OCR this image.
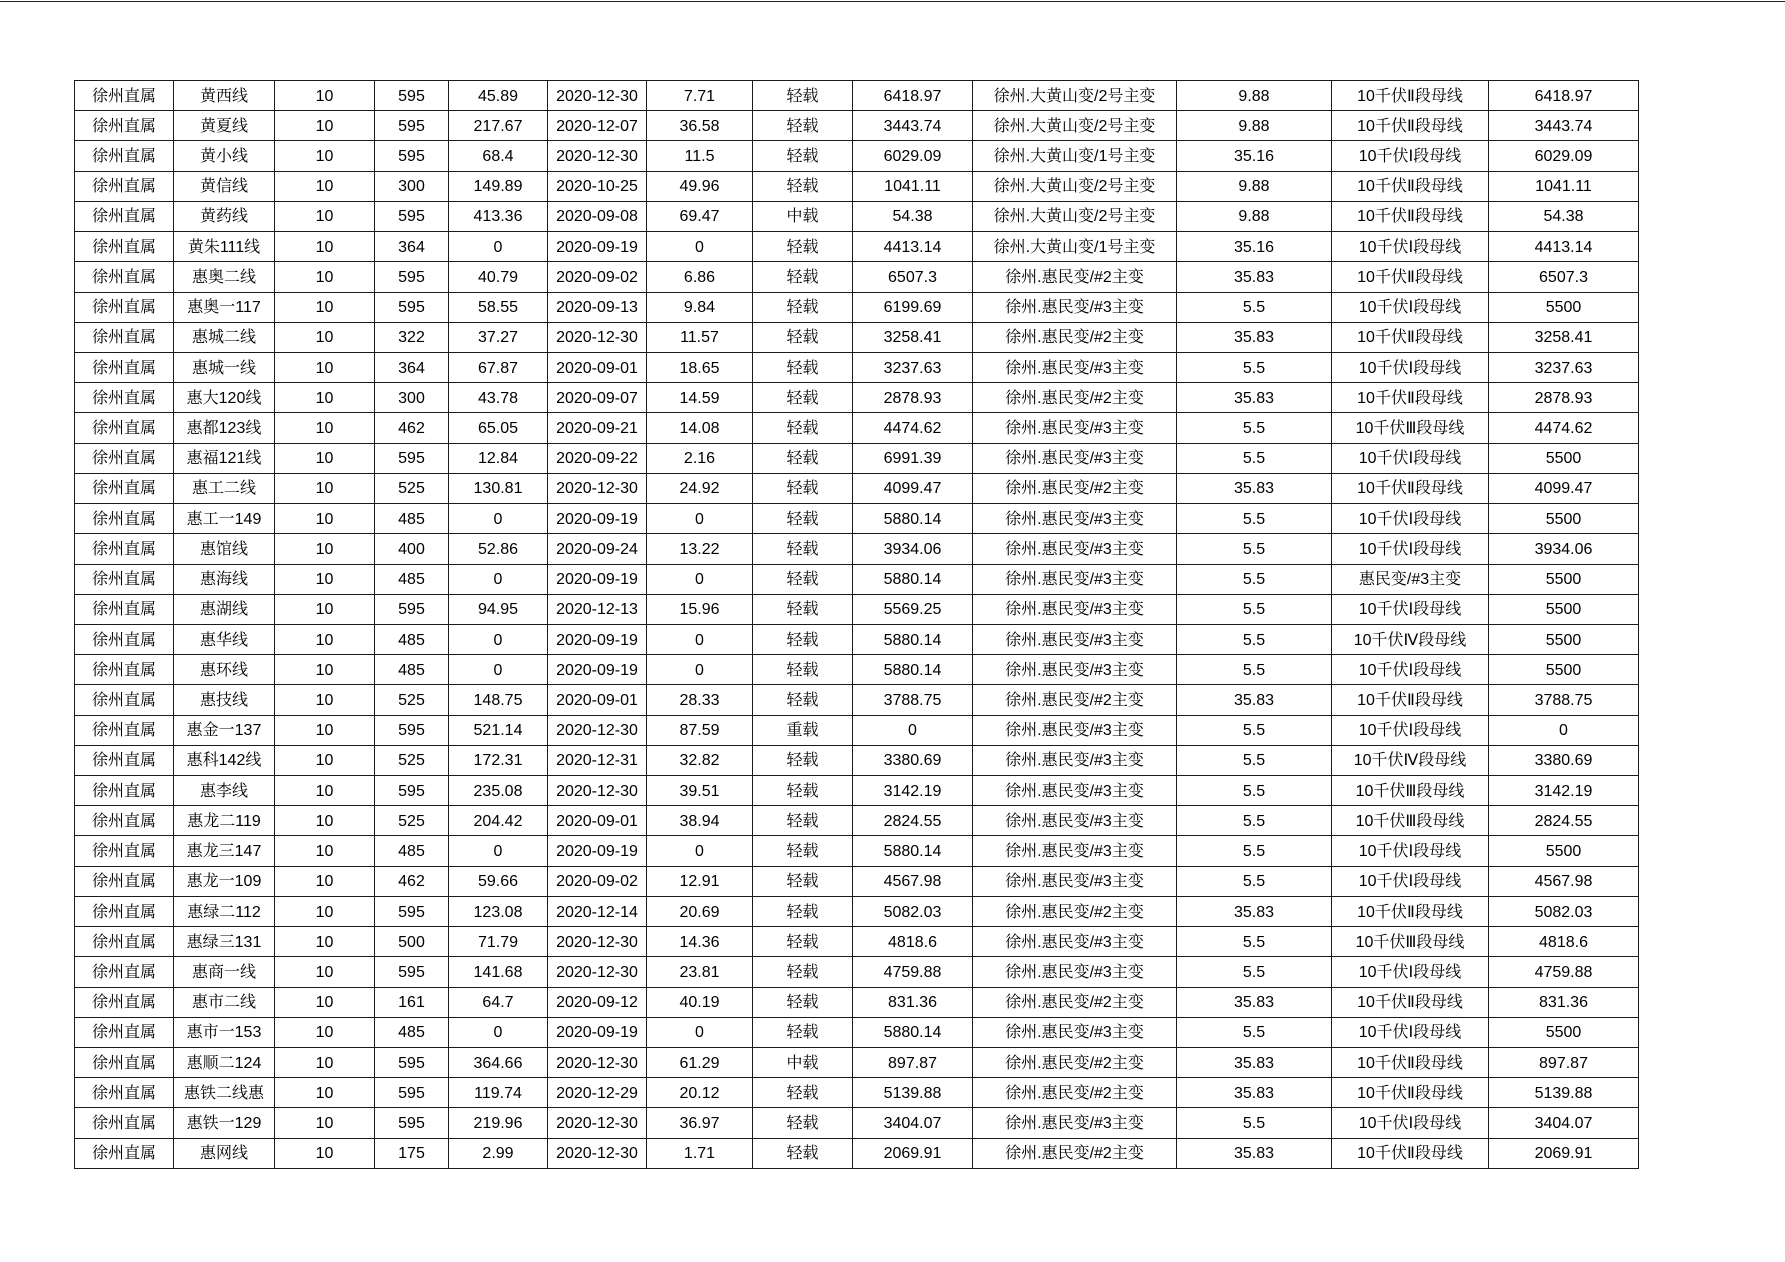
徐州直属	黄西线	10	595	45.89	2020-12-30	7.71	轻载	6418.97	徐州.大黄山变/2号主变	9.88	10千伏Ⅱ段母线	6418.97
徐州直属	黄夏线	10	595	217.67	2020-12-07	36.58	轻载	3443.74	徐州.大黄山变/2号主变	9.88	10千伏Ⅱ段母线	3443.74
徐州直属	黄小线	10	595	68.4	2020-12-30	11.5	轻载	6029.09	徐州.大黄山变/1号主变	35.16	10千伏Ⅰ段母线	6029.09
徐州直属	黄信线	10	300	149.89	2020-10-25	49.96	轻载	1041.11	徐州.大黄山变/2号主变	9.88	10千伏Ⅱ段母线	1041.11
徐州直属	黄药线	10	595	413.36	2020-09-08	69.47	中载	54.38	徐州.大黄山变/2号主变	9.88	10千伏Ⅱ段母线	54.38
徐州直属	黄朱111线	10	364	0	2020-09-19	0	轻载	4413.14	徐州.大黄山变/1号主变	35.16	10千伏Ⅰ段母线	4413.14
徐州直属	惠奥二线	10	595	40.79	2020-09-02	6.86	轻载	6507.3	徐州.惠民变/#2主变	35.83	10千伏Ⅱ段母线	6507.3
徐州直属	惠奥一117	10	595	58.55	2020-09-13	9.84	轻载	6199.69	徐州.惠民变/#3主变	5.5	10千伏Ⅰ段母线	5500
徐州直属	惠城二线	10	322	37.27	2020-12-30	11.57	轻载	3258.41	徐州.惠民变/#2主变	35.83	10千伏Ⅱ段母线	3258.41
徐州直属	惠城一线	10	364	67.87	2020-09-01	18.65	轻载	3237.63	徐州.惠民变/#3主变	5.5	10千伏Ⅰ段母线	3237.63
徐州直属	惠大120线	10	300	43.78	2020-09-07	14.59	轻载	2878.93	徐州.惠民变/#2主变	35.83	10千伏Ⅱ段母线	2878.93
徐州直属	惠都123线	10	462	65.05	2020-09-21	14.08	轻载	4474.62	徐州.惠民变/#3主变	5.5	10千伏Ⅲ段母线	4474.62
徐州直属	惠福121线	10	595	12.84	2020-09-22	2.16	轻载	6991.39	徐州.惠民变/#3主变	5.5	10千伏Ⅰ段母线	5500
徐州直属	惠工二线	10	525	130.81	2020-12-30	24.92	轻载	4099.47	徐州.惠民变/#2主变	35.83	10千伏Ⅱ段母线	4099.47
徐州直属	惠工一149	10	485	0	2020-09-19	0	轻载	5880.14	徐州.惠民变/#3主变	5.5	10千伏Ⅰ段母线	5500
徐州直属	惠馆线	10	400	52.86	2020-09-24	13.22	轻载	3934.06	徐州.惠民变/#3主变	5.5	10千伏Ⅰ段母线	3934.06
徐州直属	惠海线	10	485	0	2020-09-19	0	轻载	5880.14	徐州.惠民变/#3主变	5.5	惠民变/#3主变	5500
徐州直属	惠湖线	10	595	94.95	2020-12-13	15.96	轻载	5569.25	徐州.惠民变/#3主变	5.5	10千伏Ⅰ段母线	5500
徐州直属	惠华线	10	485	0	2020-09-19	0	轻载	5880.14	徐州.惠民变/#3主变	5.5	10千伏Ⅳ段母线	5500
徐州直属	惠环线	10	485	0	2020-09-19	0	轻载	5880.14	徐州.惠民变/#3主变	5.5	10千伏Ⅰ段母线	5500
徐州直属	惠技线	10	525	148.75	2020-09-01	28.33	轻载	3788.75	徐州.惠民变/#2主变	35.83	10千伏Ⅱ段母线	3788.75
徐州直属	惠金一137	10	595	521.14	2020-12-30	87.59	重载	0	徐州.惠民变/#3主变	5.5	10千伏Ⅰ段母线	0
徐州直属	惠科142线	10	525	172.31	2020-12-31	32.82	轻载	3380.69	徐州.惠民变/#3主变	5.5	10千伏Ⅳ段母线	3380.69
徐州直属	惠李线	10	595	235.08	2020-12-30	39.51	轻载	3142.19	徐州.惠民变/#3主变	5.5	10千伏Ⅲ段母线	3142.19
徐州直属	惠龙二119	10	525	204.42	2020-09-01	38.94	轻载	2824.55	徐州.惠民变/#3主变	5.5	10千伏Ⅲ段母线	2824.55
徐州直属	惠龙三147	10	485	0	2020-09-19	0	轻载	5880.14	徐州.惠民变/#3主变	5.5	10千伏Ⅰ段母线	5500
徐州直属	惠龙一109	10	462	59.66	2020-09-02	12.91	轻载	4567.98	徐州.惠民变/#3主变	5.5	10千伏Ⅰ段母线	4567.98
徐州直属	惠绿二112	10	595	123.08	2020-12-14	20.69	轻载	5082.03	徐州.惠民变/#2主变	35.83	10千伏Ⅱ段母线	5082.03
徐州直属	惠绿三131	10	500	71.79	2020-12-30	14.36	轻载	4818.6	徐州.惠民变/#3主变	5.5	10千伏Ⅲ段母线	4818.6
徐州直属	惠商一线	10	595	141.68	2020-12-30	23.81	轻载	4759.88	徐州.惠民变/#3主变	5.5	10千伏Ⅰ段母线	4759.88
徐州直属	惠市二线	10	161	64.7	2020-09-12	40.19	轻载	831.36	徐州.惠民变/#2主变	35.83	10千伏Ⅱ段母线	831.36
徐州直属	惠市一153	10	485	0	2020-09-19	0	轻载	5880.14	徐州.惠民变/#3主变	5.5	10千伏Ⅰ段母线	5500
徐州直属	惠顺二124	10	595	364.66	2020-12-30	61.29	中载	897.87	徐州.惠民变/#2主变	35.83	10千伏Ⅱ段母线	897.87
徐州直属	惠铁二线惠	10	595	119.74	2020-12-29	20.12	轻载	5139.88	徐州.惠民变/#2主变	35.83	10千伏Ⅱ段母线	5139.88
徐州直属	惠铁一129	10	595	219.96	2020-12-30	36.97	轻载	3404.07	徐州.惠民变/#3主变	5.5	10千伏Ⅰ段母线	3404.07
徐州直属	惠网线	10	175	2.99	2020-12-30	1.71	轻载	2069.91	徐州.惠民变/#2主变	35.83	10千伏Ⅱ段母线	2069.91
